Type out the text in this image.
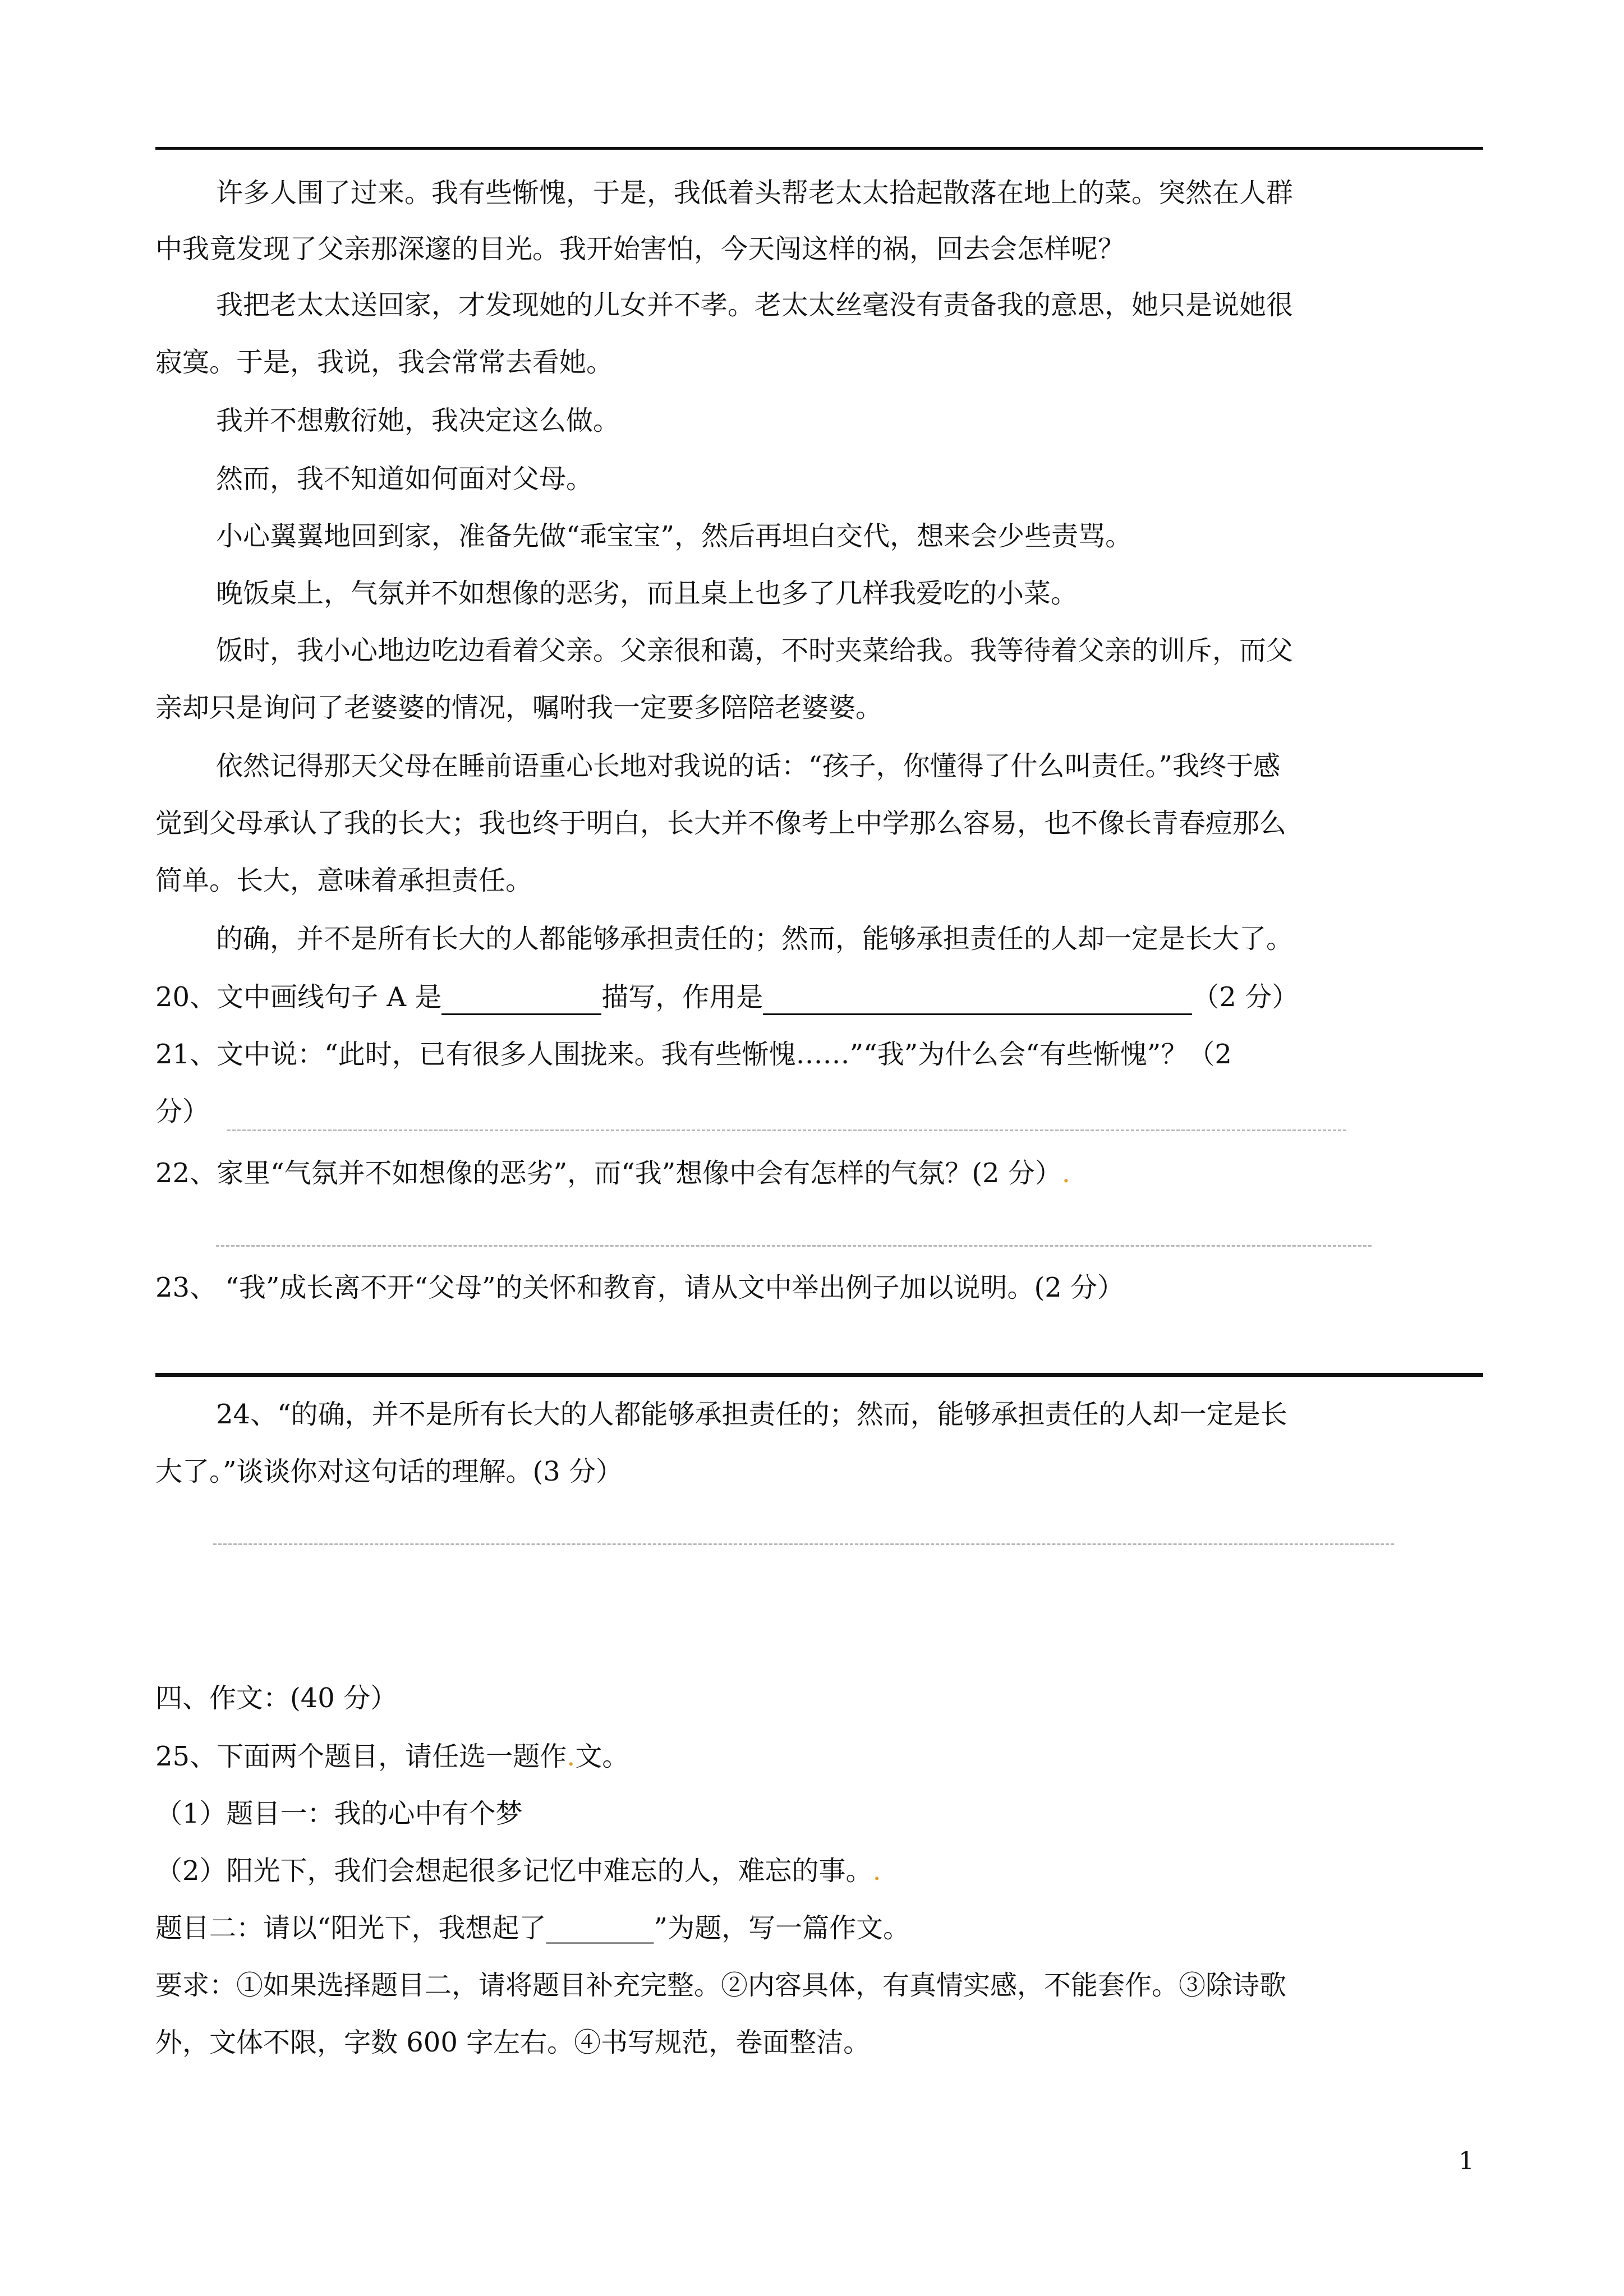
许多人围了过来。我有些惭愧，于是，我低着头帮老太太拾起散落在地上的菜。突然在人群
中我竟发现了父亲那深邃的目光。我开始害怕，今天闯这样的祸，回去会怎样呢？
我把老太太送回家，才发现她的儿女并不孝。老太太丝毫没有责备我的意思，她只是说她很
寂寞。于是，我说，我会常常去看她。
我并不想敷衍她，我决定这么做。
然而，我不知道如何面对父母。
小心翼翼地回到家，准备先做“乖宝宝”，然后再坦白交代，想来会少些责骂。
晚饭桌上，气氛并不如想像的恶劣，而且桌上也多了几样我爱吃的小菜。
饭时，我小心地边吃边看着父亲。父亲很和蔼，不时夹菜给我。我等待着父亲的训斥，而父
亲却只是询问了老婆婆的情况，嘱咐我一定要多陪陪老婆婆。
依然记得那天父母在睡前语重心长地对我说的话：“孩子，你懂得了什么叫责任。”我终于感
觉到父母承认了我的长大；我也终于明白，长大并不像考上中学那么容易，也不像长青春痘那么
简单。长大，意味着承担责任。
的确，并不是所有长大的人都能够承担责任的；然而，能够承担责任的人却一定是长大了。
20、文中画线句子 A 是	描写，作用是	（2 分）
21、文中说：“此时，已有很多人围拢来。我有些惭愧……”“我”为什么会“有些惭愧”？（2
分）
22、家里“气氛并不如想像的恶劣”，而“我”想像中会有怎样的气氛？(2 分）.
23、 “我”成长离不开“父母”的关怀和教育，请从文中举出例子加以说明。(2 分）
24、“的确，并不是所有长大的人都能够承担责任的；然而，能够承担责任的人却一定是长
大了。”谈谈你对这句话的理解。(3 分）
四、作文：(40 分）
25、下面两个题目，请任选一题作.文。
（1）题目一：我的心中有个梦
（2）阳光下，我们会想起很多记忆中难忘的人，难忘的事。.
题目二：请以“阳光下，我想起了________”为题，写一篇作文。
要求：①如果选择题目二，请将题目补充完整。②内容具体，有真情实感，不能套作。③除诗歌
外，文体不限，字数 600 字左右。④书写规范，卷面整洁。
1
